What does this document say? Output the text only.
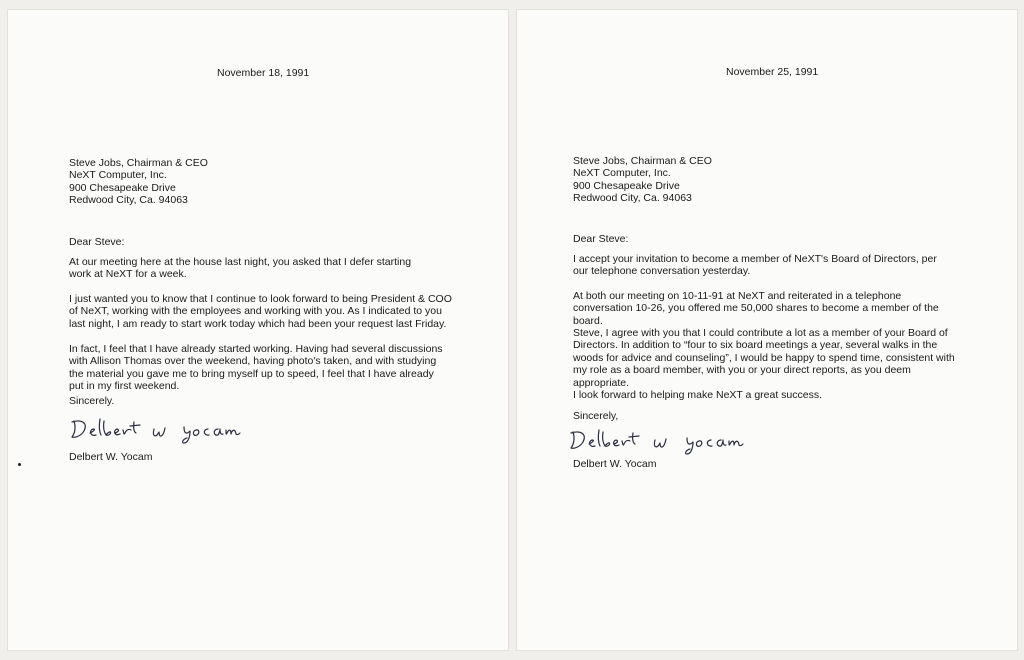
November 18, 1991
Steve Jobs, Chairman & CEO
NeXT Computer, Inc.
900 Chesapeake Drive
Redwood City, Ca. 94063
Dear Steve:
At our meeting here at the house last night, you asked that I defer starting work at NeXT for a week.
I just wanted you to know that I continue to look forward to being President & COO of NeXT, working with the employees and working with you. As I indicated to you last night, I am ready to start work today which had been your request last Friday.
In fact, I feel that I have already started working. Having had several discussions with Allison Thomas over the weekend, having photo's taken, and with studying the material you gave me to bring myself up to speed, I feel that I have already put in my first weekend.
Sincerely.
Delbert W. Yocam
November 25, 1991
Steve Jobs, Chairman & CEO
NeXT Computer, Inc.
900 Chesapeake Drive
Redwood City, Ca. 94063
Dear Steve:
I accept your invitation to become a member of NeXT's Board of Directors, per our telephone conversation yesterday.
At both our meeting on 10-11-91 at NeXT and reiterated in a telephone conversation 10-26, you offered me 50,000 shares to become a member of the board.
Steve, I agree with you that I could contribute a lot as a member of your Board of Directors. In addition to “four to six board meetings a year, several walks in the woods for advice and counseling”, I would be happy to spend time, consistent with my role as a board member, with you or your direct reports, as you deem appropriate.
I look forward to helping make NeXT a great success.
Sincerely,
Delbert W. Yocam
